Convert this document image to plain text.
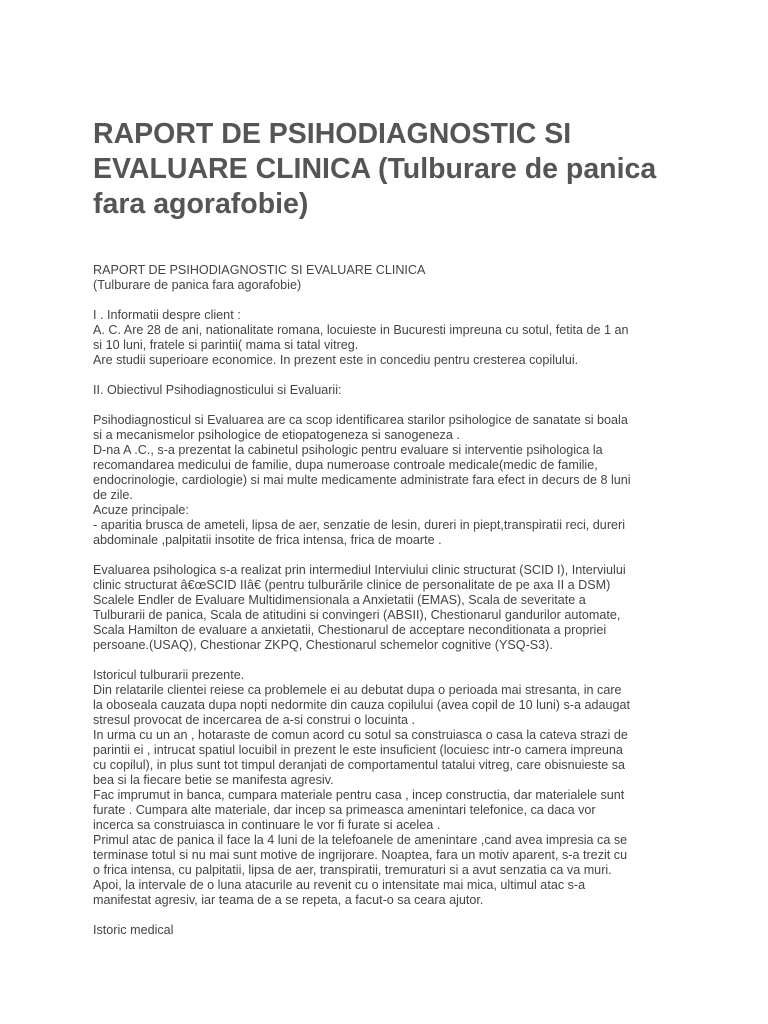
RAPORT DE PSIHODIAGNOSTIC SI EVALUARE CLINICA (Tulburare de panica fara agorafobie)

RAPORT DE PSIHODIAGNOSTIC SI EVALUARE CLINICA

(Tulburare de panica fara agorafobie)

I . Informatii despre client :

A. C. Are 28 de ani, nationalitate romana, locuieste in Bucuresti impreuna cu sotul, fetita de 1 an

si 10 luni, fratele si parintii( mama si tatal vitreg.

Are studii superioare economice. In prezent este in concediu pentru cresterea copilului.

II. Obiectivul Psihodiagnosticului si Evaluarii:

Psihodiagnosticul si Evaluarea are ca scop identificarea starilor psihologice de sanatate si boala

si a mecanismelor psihologice de etiopatogeneza si sanogeneza .

D-na A .C., s-a prezentat la cabinetul psihologic pentru evaluare si interventie psihologica la

recomandarea medicului de familie, dupa numeroase controale medicale(medic de familie,

endocrinologie, cardiologie) si mai multe medicamente administrate fara efect in decurs de 8 luni

de zile.

Acuze principale:

- aparitia brusca de ameteli, lipsa de aer, senzatie de lesin, dureri in piept,transpiratii reci, dureri

abdominale ,palpitatii insotite de frica intensa, frica de moarte .

Evaluarea psihologica s-a realizat prin intermediul Interviului clinic structurat (SCID I), Interviului

clinic structurat â€œSCID IIâ€ (pentru tulburările clinice de personalitate de pe axa II a DSM)

Scalele Endler de Evaluare Multidimensionala a Anxietatii (EMAS), Scala de severitate a

Tulburarii de panica, Scala de atitudini si convingeri (ABSII), Chestionarul gandurilor automate,

Scala Hamilton de evaluare a anxietatii, Chestionarul de acceptare neconditionata a propriei

persoane.(USAQ), Chestionar ZKPQ, Chestionarul schemelor cognitive (YSQ-S3).

Istoricul tulburarii prezente.

Din relatarile clientei reiese ca problemele ei au debutat dupa o perioada mai stresanta, in care

la oboseala cauzata dupa nopti nedormite din cauza copilului (avea copil de 10 luni) s-a adaugat

stresul provocat de incercarea de a-si construi o locuinta .

In urma cu un an , hotaraste de comun acord cu sotul sa construiasca o casa la cateva strazi de

parintii ei , intrucat spatiul locuibil in prezent le este insuficient (locuiesc intr-o camera impreuna

cu copilul), in plus sunt tot timpul deranjati de comportamentul tatalui vitreg, care obisnuieste sa

bea si la fiecare betie se manifesta agresiv.

Fac imprumut in banca, cumpara materiale pentru casa , incep constructia, dar materialele sunt

furate . Cumpara alte materiale, dar incep sa primeasca amenintari telefonice, ca daca vor

incerca sa construiasca in continuare le vor fi furate si acelea .

Primul atac de panica il face la 4 luni de la telefoanele de amenintare ,cand avea impresia ca se

terminase totul si nu mai sunt motive de ingrijorare. Noaptea, fara un motiv aparent, s-a trezit cu

o frica intensa, cu palpitatii, lipsa de aer, transpiratii, tremuraturi si a avut senzatia ca va muri.

Apoi, la intervale de o luna atacurile au revenit cu o intensitate mai mica, ultimul atac s-a

manifestat agresiv, iar teama de a se repeta, a facut-o sa ceara ajutor.

Istoric medical
